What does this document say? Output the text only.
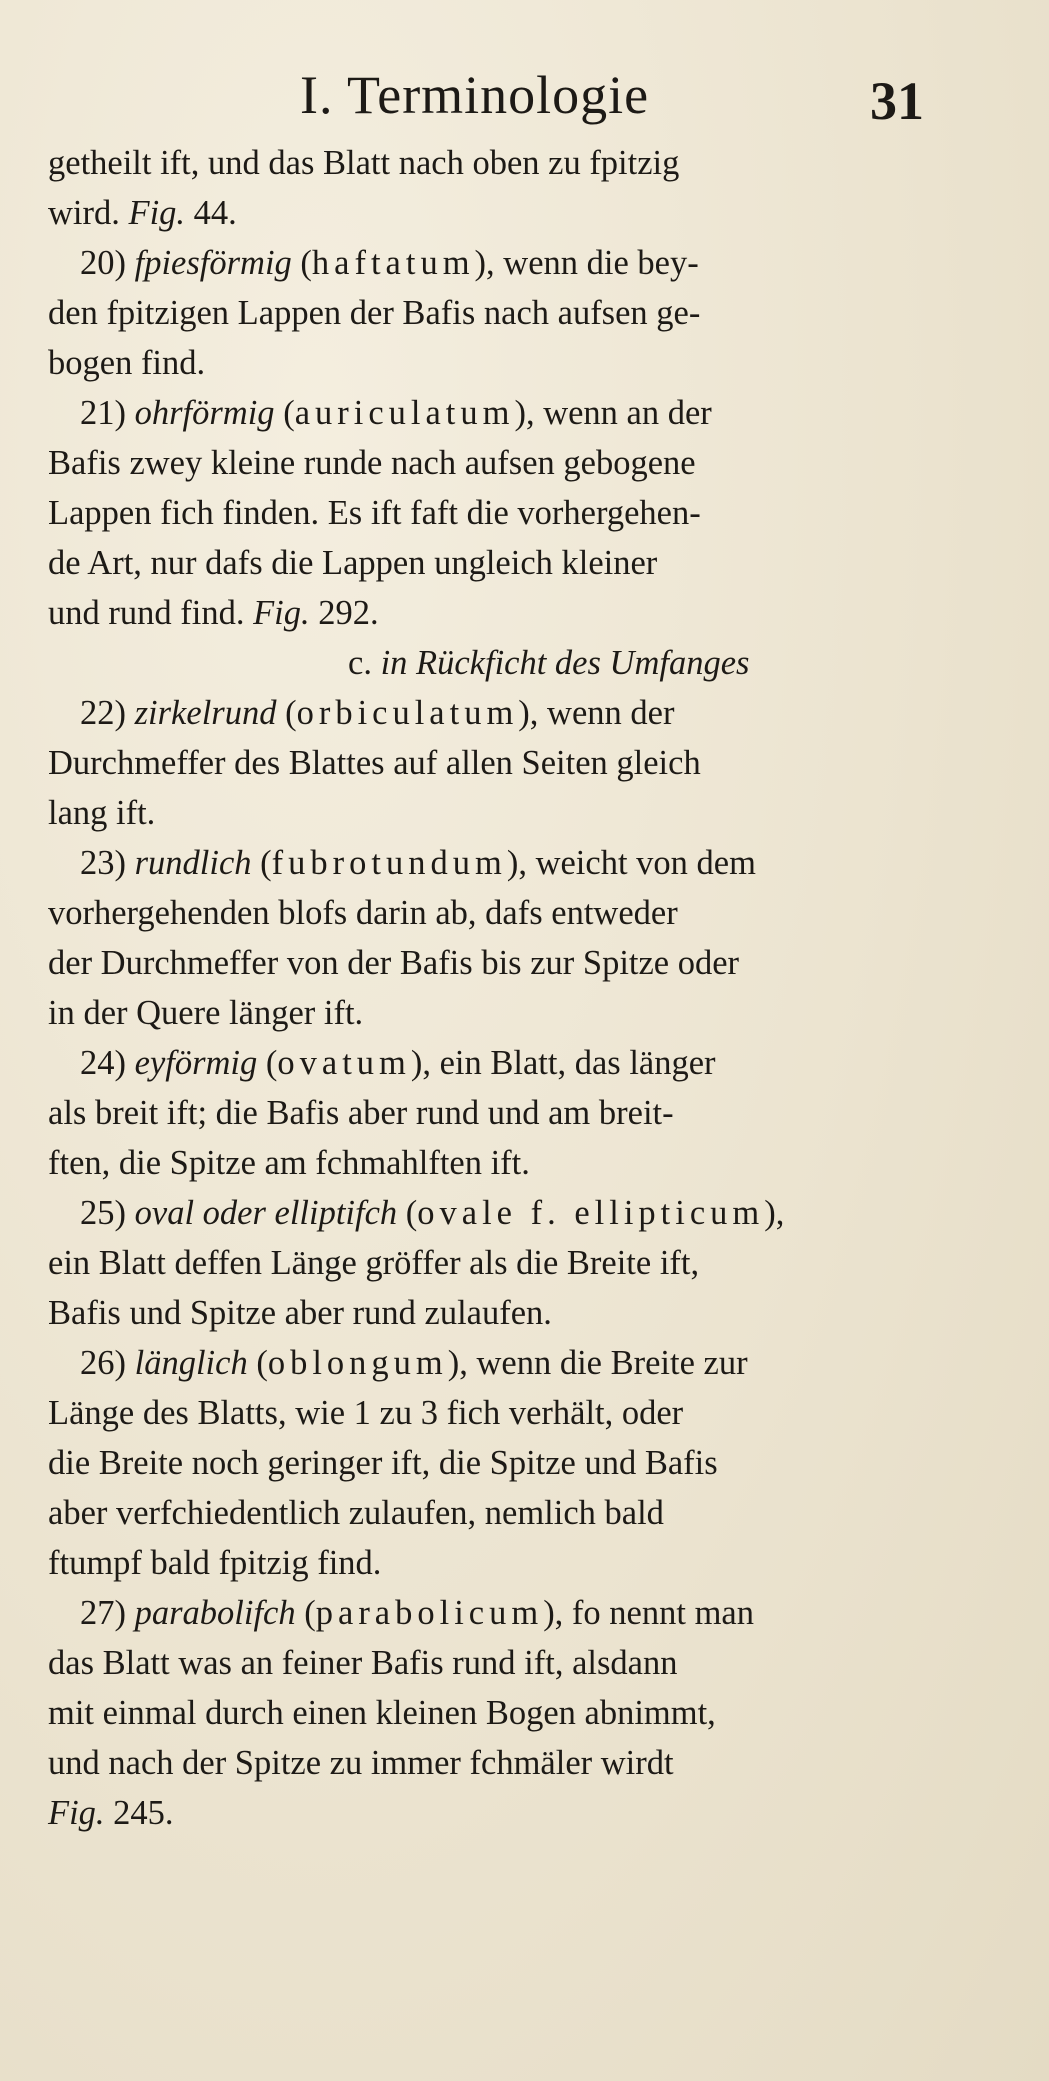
I. Terminologie	31
getheilt ift, und das Blatt nach oben zu fpitzig
wird. Fig. 44.
20) fpiesförmig (haftatum), wenn die bey-
den fpitzigen Lappen der Bafis nach aufsen ge-
bogen find.
21) ohrförmig (auriculatum), wenn an der
Bafis zwey kleine runde nach aufsen gebogene
Lappen fich finden. Es ift faft die vorhergehen-
de Art, nur dafs die Lappen ungleich kleiner
und rund find. Fig. 292.
c. in Rückficht des Umfanges
22) zirkelrund (orbiculatum), wenn der
Durchmeffer des Blattes auf allen Seiten gleich
lang ift.
23) rundlich (fubrotundum), weicht von dem
vorhergehenden blofs darin ab, dafs entweder
der Durchmeffer von der Bafis bis zur Spitze oder
in der Quere länger ift.
24) eyförmig (ovatum), ein Blatt, das länger
als breit ift; die Bafis aber rund und am breit-
ften, die Spitze am fchmahlften ift.
25) oval oder elliptifch (ovale f. ellipticum),
ein Blatt deffen Länge gröffer als die Breite ift,
Bafis und Spitze aber rund zulaufen.
26) länglich (oblongum), wenn die Breite zur
Länge des Blatts, wie 1 zu 3 fich verhält, oder
die Breite noch geringer ift, die Spitze und Bafis
aber verfchiedentlich zulaufen, nemlich bald
ftumpf bald fpitzig find.
27) parabolifch (parabolicum), fo nennt man
das Blatt was an feiner Bafis rund ift, alsdann
mit einmal durch einen kleinen Bogen abnimmt,
und nach der Spitze zu immer fchmäler wirdt
Fig. 245.
